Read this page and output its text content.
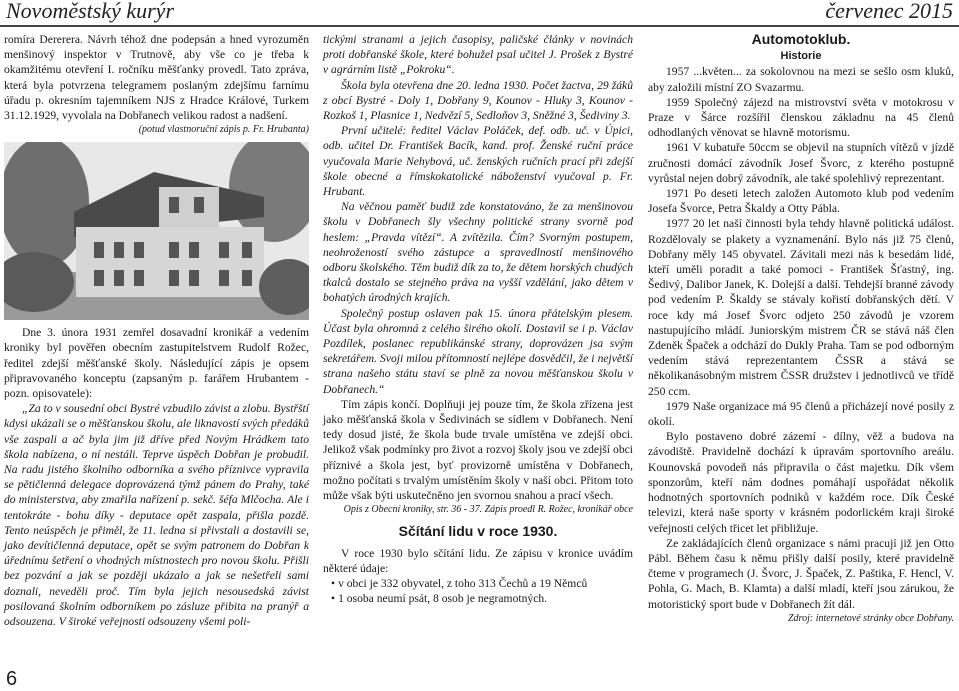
Novoměstský kurýr	červenec 2015

romíra Dererera. Návrh téhož dne podepsán a hned vyrozuměn menšinový inspektor v Trutnově, aby vše co je třeba k okamžitému otevření I. ročníku měšťanky provedl. Tato zpráva, která byla potvrzena telegramem poslaným zdejšímu farnímu úřadu p. okresním tajemníkem NJS z Hradce Králové, Turkem 31.12.1929, vyvolala na Dobřanech velikou radost a nadšení.

(potud vlastnoruční zápis p. Fr. Hrubanta)

Dne 3. února 1931 zemřel dosavadní kronikář a vedením kroniky byl pověřen obecním zastupitelstvem Rudolf Rožec, ředitel zdejší měšťanské školy. Následující zápis je opsem připravovaného konceptu (zapsaným p. farářem Hrubantem - pozn. opisovatele):

„Za to v sousední obci Bystré vzbudilo závist a zlobu. Bystřští kdysi ukázali se o měšťanskou školu, ale liknavostí svých předáků vše zaspali a ač byla jim již dříve před Novým Hrádkem tato škola nabízena, o ní nestáli. Teprve úspěch Dobřan je probudil. Na radu jistého školního odborníka a svého příznivce vypravila se pětičlenná delegace doprovázená týmž pánem do Prahy, také do ministerstva, aby zmařila nařízení p. sekč. šéfa Mlčocha. Ale i tentokráte - bohu díky - deputace opět zaspala, přišla pozdě. Tento neúspěch je přiměl, že 11. ledna si přivstali a dostavili se, jako devítičlenná deputace, opět se svým patronem do Dobřan k úřednímu šetření o vhodných místnostech pro novou školu. Přišli bez pozvání a jak se později ukázalo a jak se nešetřeli sami doznali, neveděli proč. Tím byla jejich nesousedská závist posilovaná školním odborníkem po zásluze přibita na pranýř a odsouzena. V široké veřejnosti odsouzeny všemi poli-

tickými stranami a jejich časopisy, paličské články v novinách proti dobřanské škole, které bohužel psal učitel J. Prošek z Bystré v agrárním listě „Pokroku“.

Škola byla otevřena dne 20. ledna 1930. Počet žactva, 29 žáků z obcí Bystré - Doly 1, Dobřany 9, Kounov - Hluky 3, Kounov - Rozkoš 1, Plasnice 1, Nedvězí 5, Sedloňov 3, Sněžné 3, Šediviny 3.

První učitelé: ředitel Václav Poláček, def. odb. uč. v Úpici, odb. učitel Dr. František Bacík, kand. prof. Ženské ruční práce vyučovala Marie Nehybová, uč. ženských ručních prací při zdejší škole obecné a římskokatolické náboženství vyučoval p. Fr. Hrubant.

Na věčnou paměť budiž zde konstatováno, že za menšinovou školu v Dobřanech šly všechny politické strany svorně pod heslem: „Pravda vítězí“. A zvítězila. Čím? Svorným postupem, neohrožeností svého zástupce a spravedlností menšinového odboru školského. Těm budiž dík za to, že dětem horských chudých tkalců dostalo se stejného práva na vyšší vzdělání, jako dětem v bohatých úrodných krajích.

Společný postup oslaven pak 15. února přátelským plesem. Účast byla ohromná z celého širého okolí. Dostavil se i p. Václav Pozdílek, poslanec republikánské strany, doprovázen jsa svým sekretářem. Svoji milou přítomností nejlépe dosvědčil, že i největší strana našeho státu staví se plně za novou měšťanskou školu v Dobřanech.“

Tím zápis končí. Doplňuji jej pouze tím, že škola zřízena jest jako měšťanská škola v Šedivinách se sídlem v Dobřanech. Není tedy dosud jisté, že škola bude trvale umístěna ve zdejší obci. Jelikož však podmínky pro život a rozvoj školy jsou ve zdejší obci příznivé a škola jest, byť provizorně umístěna v Dobřanech, možno počítati s trvalým umístěním školy v naší obci. Přitom toto může však býti uskutečněno jen svornou snahou a prací všech.

Opis z Obecní kroniky, str. 36 - 37. Zápis proedl R. Rožec, kronikář obce

Sčítání lidu v roce 1930.

V roce 1930 bylo sčítání lidu. Ze zápisu v kronice uvádím některé údaje:

• v obci je 332 obyvatel, z toho 313 Čechů a 19 Němců
• 1 osoba neumí psát, 8 osob je negramotných.
Automotoklub.
Historie

1957 ...květen... za sokolovnou na mezi se sešlo osm kluků, aby založili místní ZO Svazarmu.

1959 Společný zájezd na mistrovství světa v motokrosu v Praze v Šárce rozšířil členskou základnu na 45 členů odhodlaných věnovat se hlavně motorismu.

1961 V kubatuře 50ccm se objevil na stupních vítězů v jízdě zručnosti domácí závodník Josef Švorc, z kterého postupně vyrůstal nejen dobrý závodník, ale také spolehlivý reprezentant.

1971 Po deseti letech založen Automoto klub pod vedením Josefa Švorce, Petra Škaldy a Otty Pábla.

1977 20 let naší činnosti byla tehdy hlavně politická událost. Rozdělovaly se plakety a vyznamenání. Bylo nás již 75 členů, Dobřany měly 145 obyvatel. Závitali mezi nás k besedám lidé, kteří uměli poradit a také pomoci - František Šťastný, ing. Šedivý, Dalibor Janek, K. Dolejší a další. Tehdejší branné závody pod vedením P. Škaldy se stávaly kořistí dobřanských dětí. V roce kdy má Josef Švorc odjeto 250 závodů je vzorem nastupujícího mládí. Juniorským mistrem ČR se stává náš člen Zdeněk Špaček a odchází do Dukly Praha. Tam se pod odborným vedením stává reprezentantem ČSSR a stává se několikanásobným mistrem ČSSR družstev i jednotlivců ve třídě 250 ccm.

1979 Naše organizace má 95 členů a přicházejí nové posily z okolí.

Bylo postaveno dobré zázemí - dílny, věž a budova na závodiště. Pravidelně dochází k úpravám sportovního areálu. Kounovská povodeň nás připravila o část majetku. Dík všem sponzorům, kteří nám dodnes pomáhají uspořádat několik hodnotných sportovních podniků v každém roce. Dík České televizi, která naše sporty v krásném podorlickém kraji široké veřejnosti celých třicet let přibližuje.

Ze zakládajících členů organizace s námi pracují již jen Otto Pábl. Během času k němu přišly další posily, které pravidelně čteme v programech (J. Švorc, J. Špaček, Z. Paštika, F. Hencl, V. Pohla, G. Mach, B. Klamta) a další mladí, kteří jsou zárukou, že motoristický sport bude v Dobřanech žít dál.

Zdroj: internetové stránky obce Dobřany.

6
